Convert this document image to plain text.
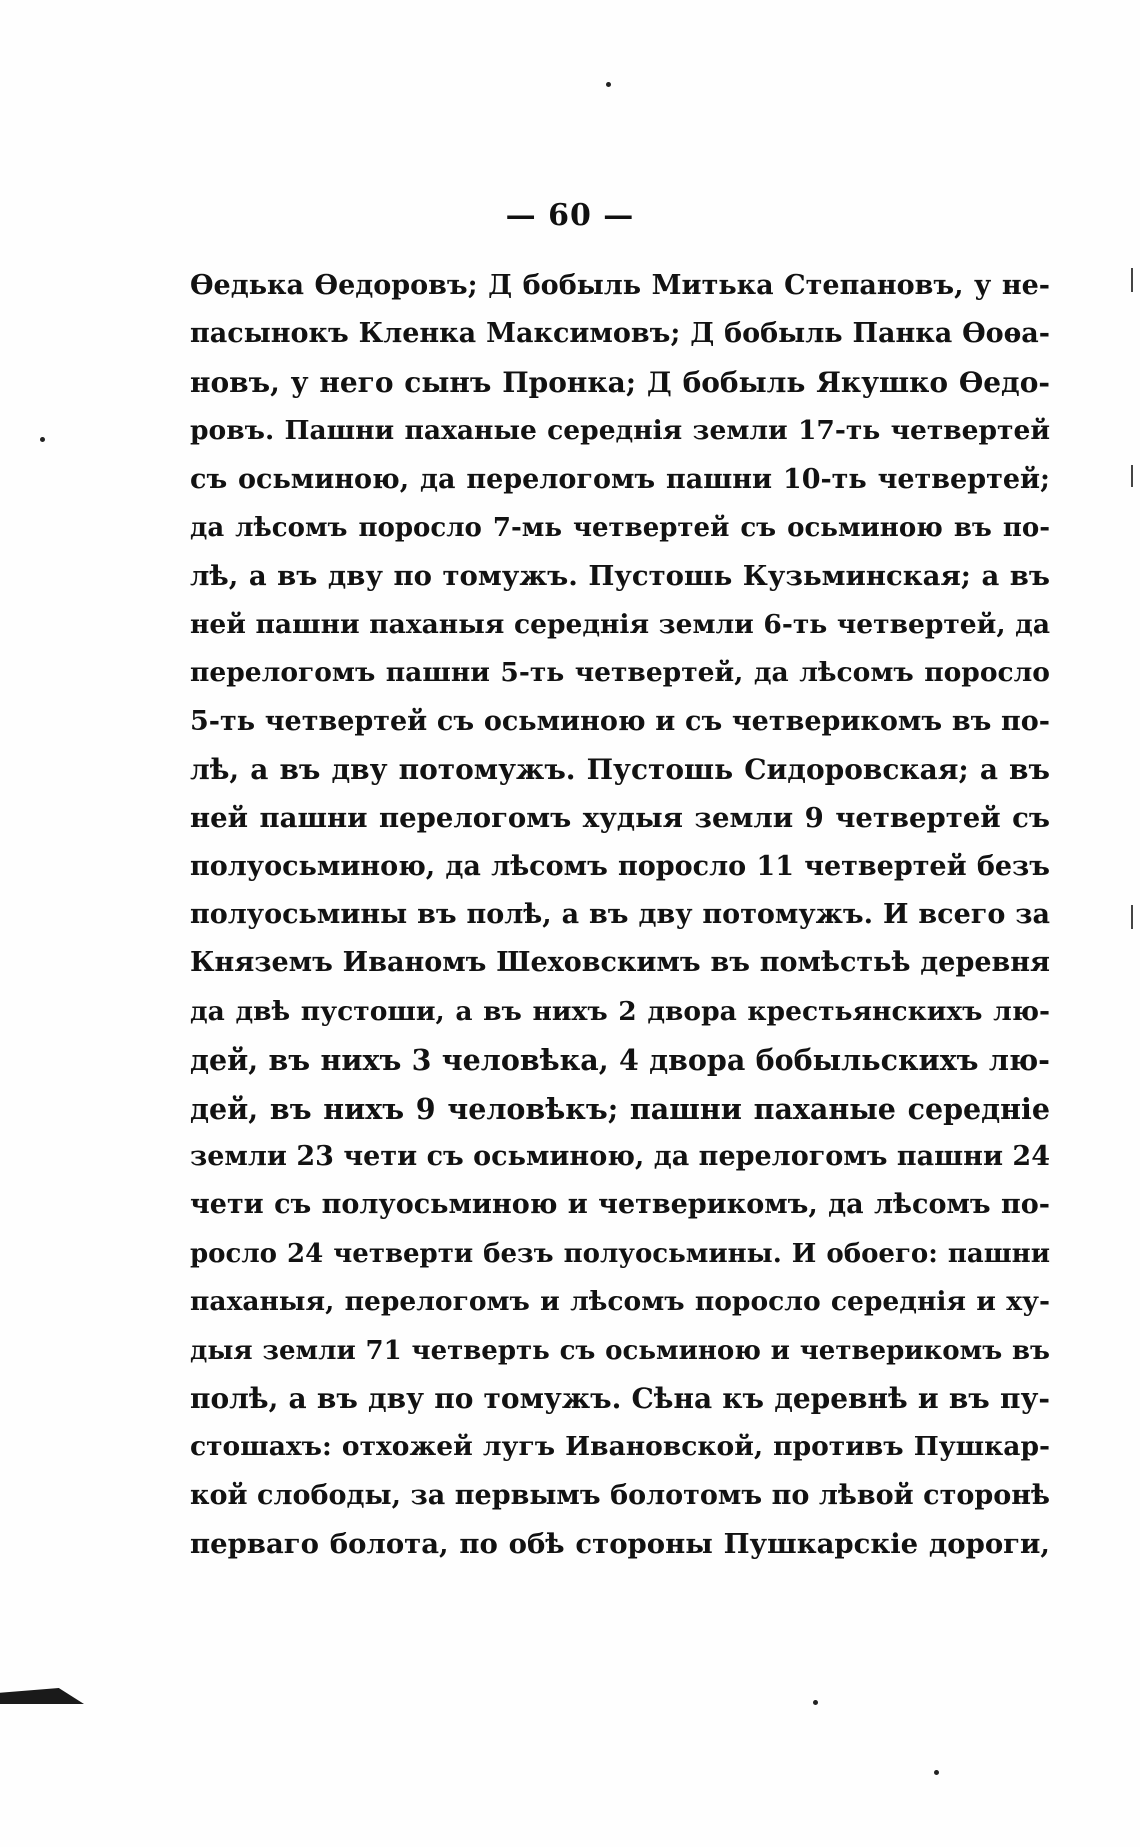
— 60 —
Ѳедька Ѳедоровъ; Д бобыль Митька Степановъ, у не-
пасынокъ Кленка Максимовъ; Д бобыль Панка Ѳоѳа-
новъ, у него сынъ Пронка; Д бобыль Якушко Ѳедо-
ровъ. Пашни паханые середнія земли 17-ть четвертей
съ осьминою, да перелогомъ пашни 10-ть четвертей;
да лѣсомъ поросло 7-мь четвертей съ осьминою въ по-
лѣ, а въ дву по томужъ. Пустошь Кузьминская; а въ
ней пашни паханыя середнія земли 6-ть четвертей, да
перелогомъ пашни 5-ть четвертей, да лѣсомъ поросло
5-ть четвертей съ осьминою и съ четверикомъ въ по-
лѣ, а въ дву потомужъ. Пустошь Сидоровская; а въ
ней пашни перелогомъ худыя земли 9 четвертей съ
полуосьминою, да лѣсомъ поросло 11 четвертей безъ
полуосьмины въ полѣ, а въ дву потомужъ. И всего за
Княземъ Иваномъ Шеховскимъ въ помѣстьѣ деревня
да двѣ пустоши, а въ нихъ 2 двора крестьянскихъ лю-
дей, въ нихъ 3 человѣка, 4 двора бобыльскихъ лю-
дей, въ нихъ 9 человѣкъ; пашни паханые середніе
земли 23 чети съ осьминою, да перелогомъ пашни 24
чети съ полуосьминою и четверикомъ, да лѣсомъ по-
росло 24 четверти безъ полуосьмины. И обоего: пашни
паханыя, перелогомъ и лѣсомъ поросло середнія и ху-
дыя земли 71 четверть съ осьминою и четверикомъ въ
полѣ, а въ дву по томужъ. Сѣна къ деревнѣ и въ пу-
стошахъ: отхожей лугъ Ивановской, противъ Пушкар-
кой слободы, за первымъ болотомъ по лѣвой сторонѣ
перваго болота, по обѣ стороны Пушкарскіе дороги,
